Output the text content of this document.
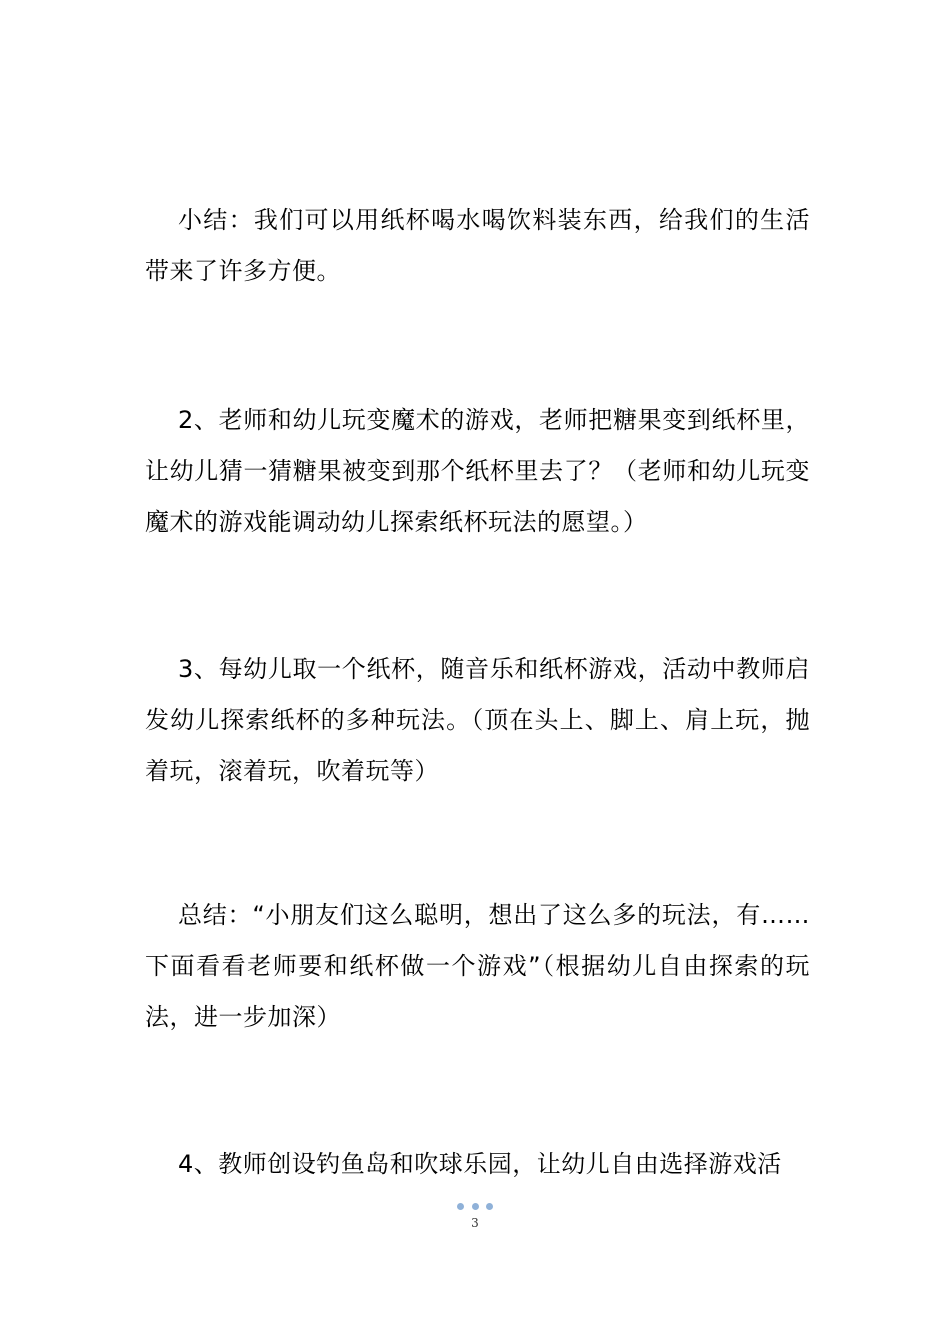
小结：我们可以用纸杯喝水喝饮料装东西，给我们的生活带来了许多方便。

2、老师和幼儿玩变魔术的游戏，老师把糖果变到纸杯里，让幼儿猜一猜糖果被变到那个纸杯里去了？（老师和幼儿玩变魔术的游戏能调动幼儿探索纸杯玩法的愿望。）

3、每幼儿取一个纸杯，随音乐和纸杯游戏，活动中教师启发幼儿探索纸杯的多种玩法。（顶在头上、脚上、肩上玩，抛着玩，滚着玩，吹着玩等）

总结：“小朋友们这么聪明，想出了这么多的玩法，有……下面看看老师要和纸杯做一个游戏”（根据幼儿自由探索的玩法，进一步加深）

4、教师创设钓鱼岛和吹球乐园，让幼儿自由选择游戏活

3
